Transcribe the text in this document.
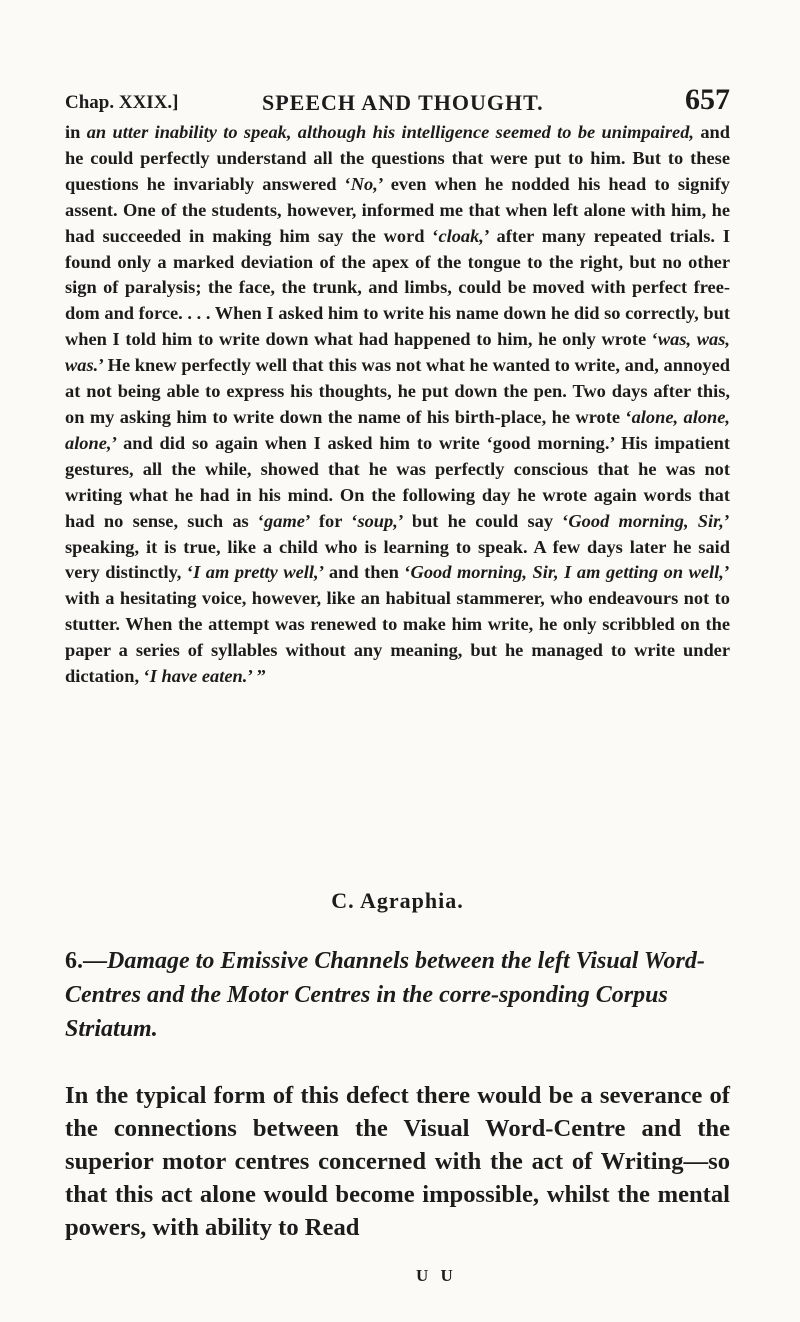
Chap. XXIX.]	SPEECH AND THOUGHT.	657

in an utter inability to speak, although his intelligence seemed to be unimpaired, and he could perfectly understand all the questions that were put to him. But to these questions he invariably answered ‘No,’ even when he nodded his head to signify assent. One of the students, however, informed me that when left alone with him, he had succeeded in making him say the word ‘cloak,’ after many repeated trials. I found only a marked deviation of the apex of the tongue to the right, but no other sign of paralysis; the face, the trunk, and limbs, could be moved with perfect free-dom and force. . . . When I asked him to write his name down he did so correctly, but when I told him to write down what had happened to him, he only wrote ‘was, was, was.’ He knew perfectly well that this was not what he wanted to write, and, annoyed at not being able to express his thoughts, he put down the pen. Two days after this, on my asking him to write down the name of his birth-place, he wrote ‘alone, alone, alone,’ and did so again when I asked him to write ‘good morning.’ His impatient gestures, all the while, showed that he was perfectly conscious that he was not writing what he had in his mind. On the following day he wrote again words that had no sense, such as ‘game’ for ‘soup,’ but he could say ‘Good morning, Sir,’ speaking, it is true, like a child who is learning to speak. A few days later he said very distinctly, ‘I am pretty well,’ and then ‘Good morning, Sir, I am getting on well,’ with a hesitating voice, however, like an habitual stammerer, who endeavours not to stutter. When the attempt was renewed to make him write, he only scribbled on the paper a series of syllables without any meaning, but he managed to write under dictation, ‘I have eaten.’ ”

C. Agraphia.

6.—Damage to Emissive Channels between the left Visual Word-Centres and the Motor Centres in the corre-sponding Corpus Striatum.

In the typical form of this defect there would be a severance of the connections between the Visual Word-Centre and the superior motor centres concerned with the act of Writing—so that this act alone would become impossible, whilst the mental powers, with ability to Read

U U
